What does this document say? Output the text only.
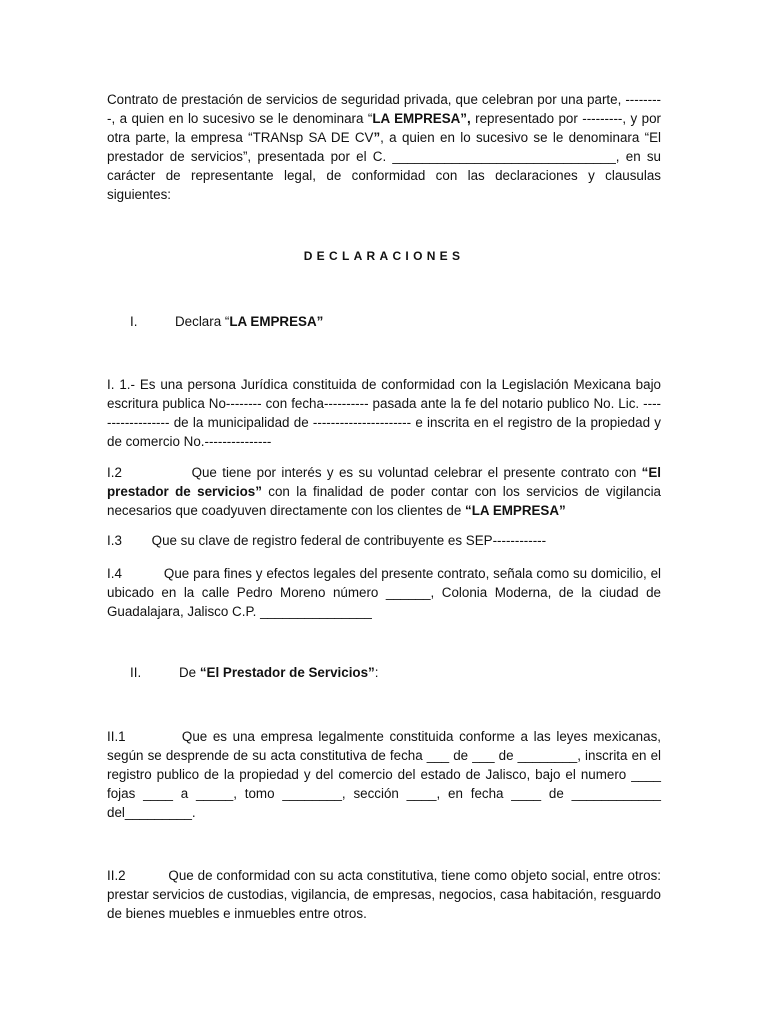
Contrato de prestación de servicios de seguridad privada, que celebran por una parte, ---------, a quien en lo sucesivo se le denominara “LA EMPRESA”, representado por ---------, y por otra parte, la empresa “TRANsp SA DE CV”, a quien en lo sucesivo se le denominara “El prestador de servicios”, presentada por el C. ______________________________, en su carácter de representante legal, de conformidad con las declaraciones y clausulas siguientes:

DECLARACIONES

I.	Declara “LA EMPRESA”

I. 1.- Es una persona Jurídica constituida de conformidad con la Legislación Mexicana bajo escritura publica No-------- con fecha---------- pasada ante la fe del notario publico No. Lic. ------------------ de la municipalidad de ---------------------- e inscrita en el registro de la propiedad y de comercio No.---------------

I.2             Que tiene por interés y es su voluntad celebrar el presente contrato con “El prestador de servicios” con la finalidad de poder contar con los servicios de vigilancia necesarios que coadyuven directamente con los clientes de “LA EMPRESA”

I.3        Que su clave de registro federal de contribuyente es SEP------------

I.4           Que para fines y efectos legales del presente contrato, señala como su domicilio, el ubicado en la calle Pedro Moreno número ______, Colonia Moderna, de la ciudad de Guadalajara, Jalisco C.P. _______________

II.	De “El Prestador de Servicios”:

II.1          Que es una empresa legalmente constituida conforme a las leyes mexicanas, según se desprende de su acta constitutiva de fecha ___ de ___ de ________, inscrita en el registro publico de la propiedad y del comercio del estado de Jalisco, bajo el numero ____ fojas ____ a _____, tomo ________, sección ____, en fecha ____ de ____________ del_________.

II.2           Que de conformidad con su acta constitutiva, tiene como objeto social, entre otros: prestar servicios de custodias, vigilancia, de empresas, negocios, casa habitación, resguardo de bienes muebles e inmuebles entre otros.
